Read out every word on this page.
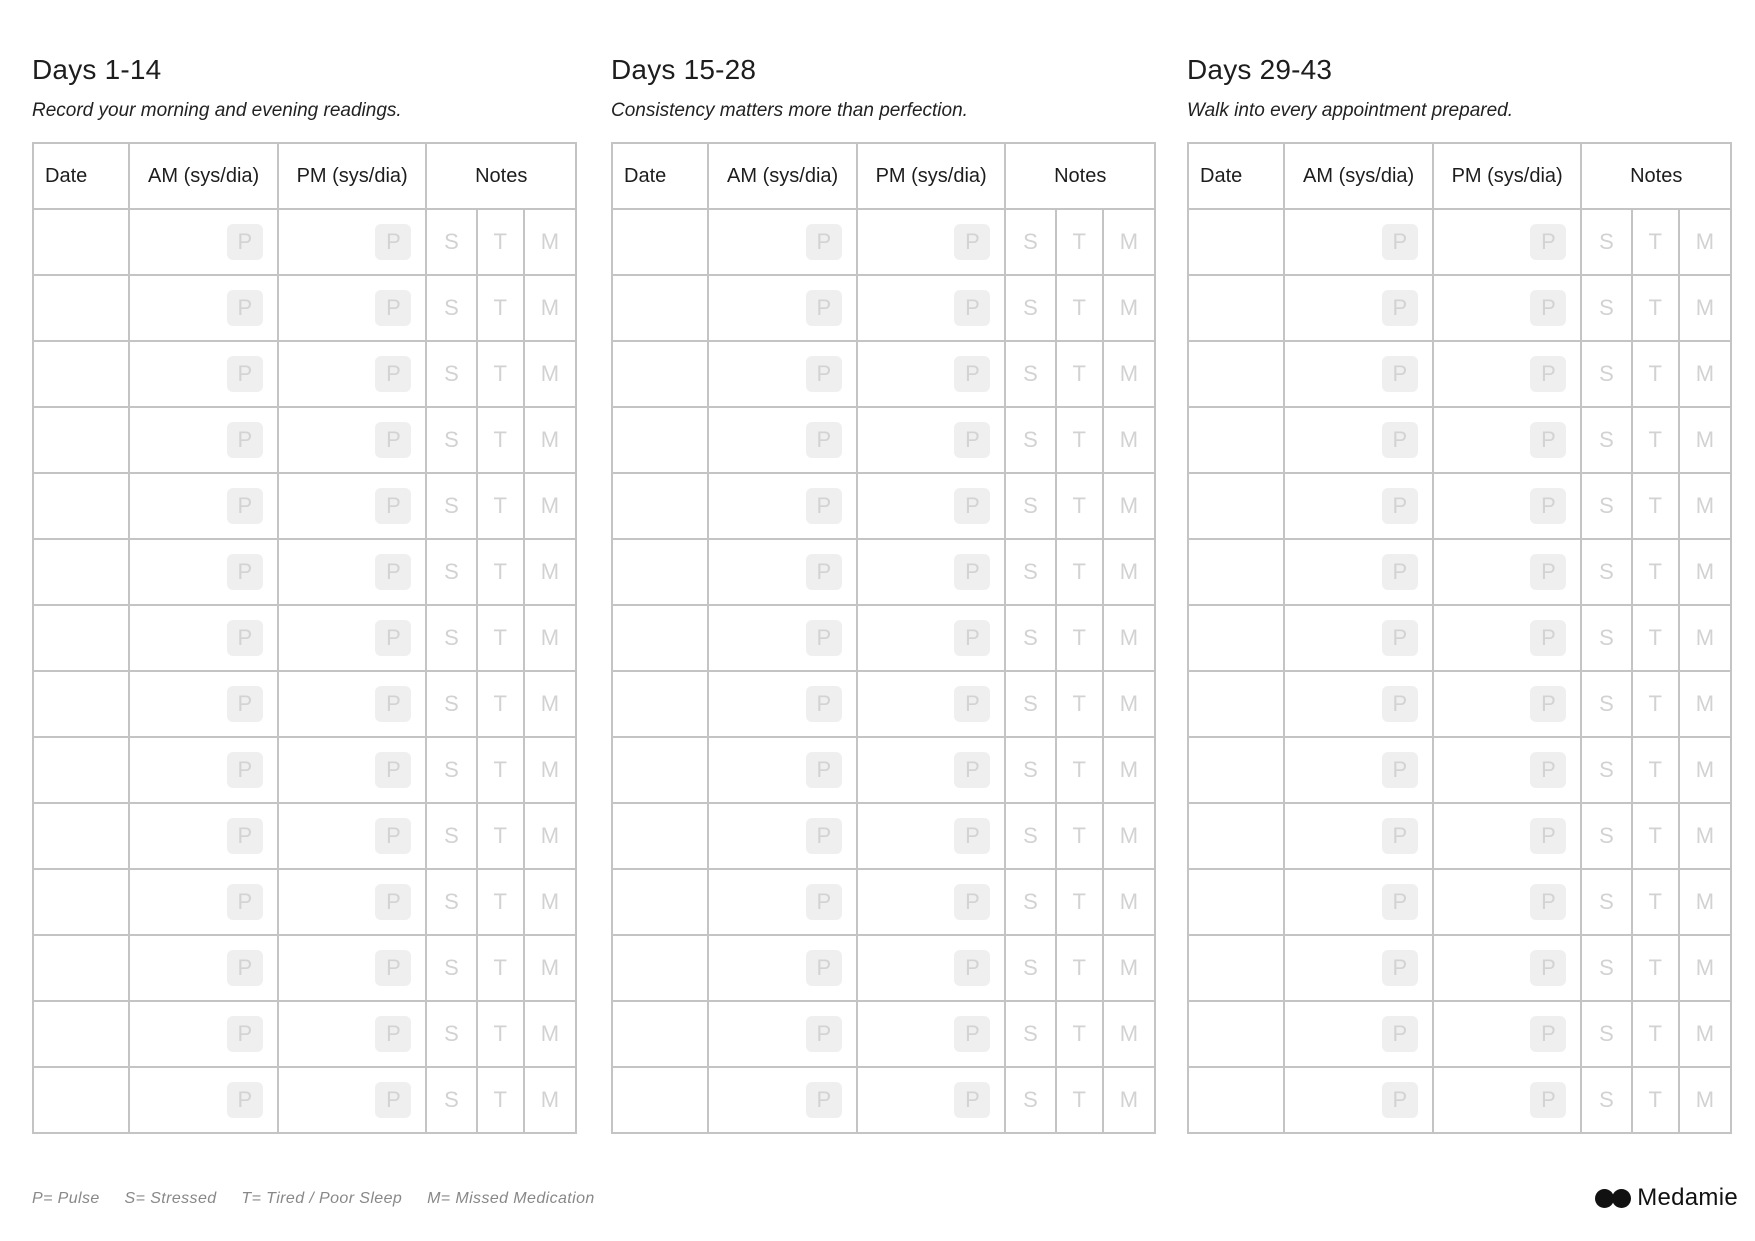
Days 1-14
Record your morning and evening readings.
Date	AM (sys/dia)	PM (sys/dia)	Notes		

	P	P	S	T	M

	P	P	S	T	M

	P	P	S	T	M

	P	P	S	T	M

	P	P	S	T	M

	P	P	S	T	M

	P	P	S	T	M

	P	P	S	T	M

	P	P	S	T	M

	P	P	S	T	M

	P	P	S	T	M

	P	P	S	T	M

	P	P	S	T	M

	P	P	S	T	M
Days 15-28
Consistency matters more than perfection.
Date	AM (sys/dia)	PM (sys/dia)	Notes		

	P	P	S	T	M

	P	P	S	T	M

	P	P	S	T	M

	P	P	S	T	M

	P	P	S	T	M

	P	P	S	T	M

	P	P	S	T	M

	P	P	S	T	M

	P	P	S	T	M

	P	P	S	T	M

	P	P	S	T	M

	P	P	S	T	M

	P	P	S	T	M

	P	P	S	T	M
Days 29-43
Walk into every appointment prepared.
Date	AM (sys/dia)	PM (sys/dia)	Notes		

	P	P	S	T	M

	P	P	S	T	M

	P	P	S	T	M

	P	P	S	T	M

	P	P	S	T	M

	P	P	S	T	M

	P	P	S	T	M

	P	P	S	T	M

	P	P	S	T	M

	P	P	S	T	M

	P	P	S	T	M

	P	P	S	T	M

	P	P	S	T	M

	P	P	S	T	M
P= Pulse S= Stressed T= Tired / Poor Sleep M= Missed Medication	Medamie
